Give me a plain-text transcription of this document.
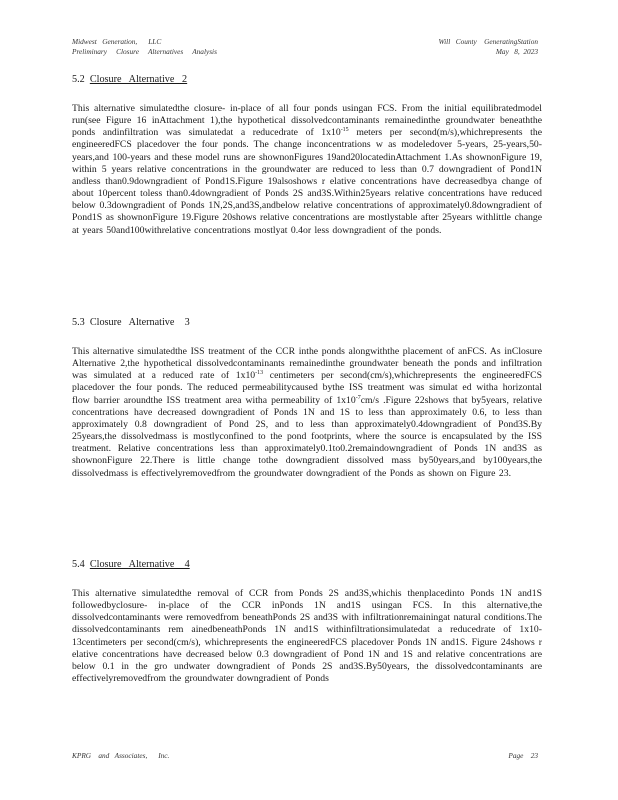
Midwest   Generation,      LLC
Preliminary     Closure     Alternatives     Analysis
Will   County    GeneratingStation
May   8,  2023
5.2 Closure   Alternative   2
This alternative simulatedthe closure- in-place of all four ponds usingan FCS. From the initial equilibratedmodel run(see Figure 16 inAttachment 1),the hypothetical dissolvedcontaminants remainedinthe groundwater beneaththe ponds andinfiltration was simulatedat a reducedrate of $1x10^{-15}$ meters per second(m/s),whichrepresents the engineeredFCS placedover the four ponds. The change inconcentrations w as modeledover 5-years, 25-years,50-years,and 100-years and these model runs are shownonFigures 19and20locatedinAttachment 1.As shownonFigure 19, within 5 years relative concentrations in the groundwater are reduced to less than 0.7 downgradient of Pond1N andless than0.9downgradient of Pond1S.Figure 19alsoshows r elative concentrations have decreasedbya change of about 10percent toless than0.4downgradient of Ponds 2S and3S.Within25years relative concentrations have reduced below 0.3downgradient of Ponds 1N,2S,and3S,andbelow relative concentrations of approximately0.8downgradient of Pond1S as shownonFigure 19.Figure 20shows relative concentrations are mostlystable after 25years withlittle change at years 50and100withrelative concentrations mostlyat 0.4or less downgradient of the ponds.
5.3 Closure   Alternative    3
This alternative simulatedthe ISS treatment of the CCR inthe ponds alongwiththe placement of anFCS. As inClosure Alternative 2,the hypothetical dissolvedcontaminants remainedinthe groundwater beneath the ponds and infiltration was simulated at a reduced rate of $1x10^{-13}$ centimeters per second(cm/s),whichrepresents the engineeredFCS placedover the four ponds. The reduced permeabilitycaused bythe ISS treatment was simulat ed witha horizontal flow barrier aroundthe ISS treatment area witha permeability of $1x10^{-7}cm/s$ .Figure 22shows that by5years, relative concentrations have decreased downgradient of Ponds 1N and 1S to less than approximately 0.6, to less than approximately 0.8 downgradient of Pond 2S, and to less than approximately0.4downgradient of Pond3S.By 25years,the dissolvedmass is mostlyconfined to the pond footprints, where the source is encapsulated by the ISS treatment. Relative concentrations less than approximately0.1to0.2remaindowngradient of Ponds 1N and3S as shownonFigure 22.There is little change tothe downgradient dissolved mass by50years,and by100years,the dissolvedmass is effectivelyremovedfrom the groundwater downgradient of the Ponds as shown on Figure 23.
5.4 Closure   Alternative    4
This alternative simulatedthe removal of CCR from Ponds 2S and3S,whichis thenplacedinto Ponds 1N and1S followedbyclosure- in-place of the CCR inPonds 1N and1S usingan FCS. In this alternative,the dissolvedcontaminants were removedfrom beneathPonds 2S and3S with infiltrationremainingat natural conditions.The dissolvedcontaminants rem ainedbeneathPonds 1N and1S withinfiltrationsimulatedat a reducedrate of 1x10-13centimeters per second(cm/s), whichrepresents the engineeredFCS placedover Ponds 1N and1S. Figure 24shows r elative concentrations have decreased below 0.3 downgradient of Pond 1N and 1S and relative concentrations are below 0.1 in the gro undwater downgradient of Ponds 2S and3S.By50years, the dissolvedcontaminants are effectivelyremovedfrom the groundwater downgradient of Ponds
KPRG    and   Associates,      Inc.	Page    23
